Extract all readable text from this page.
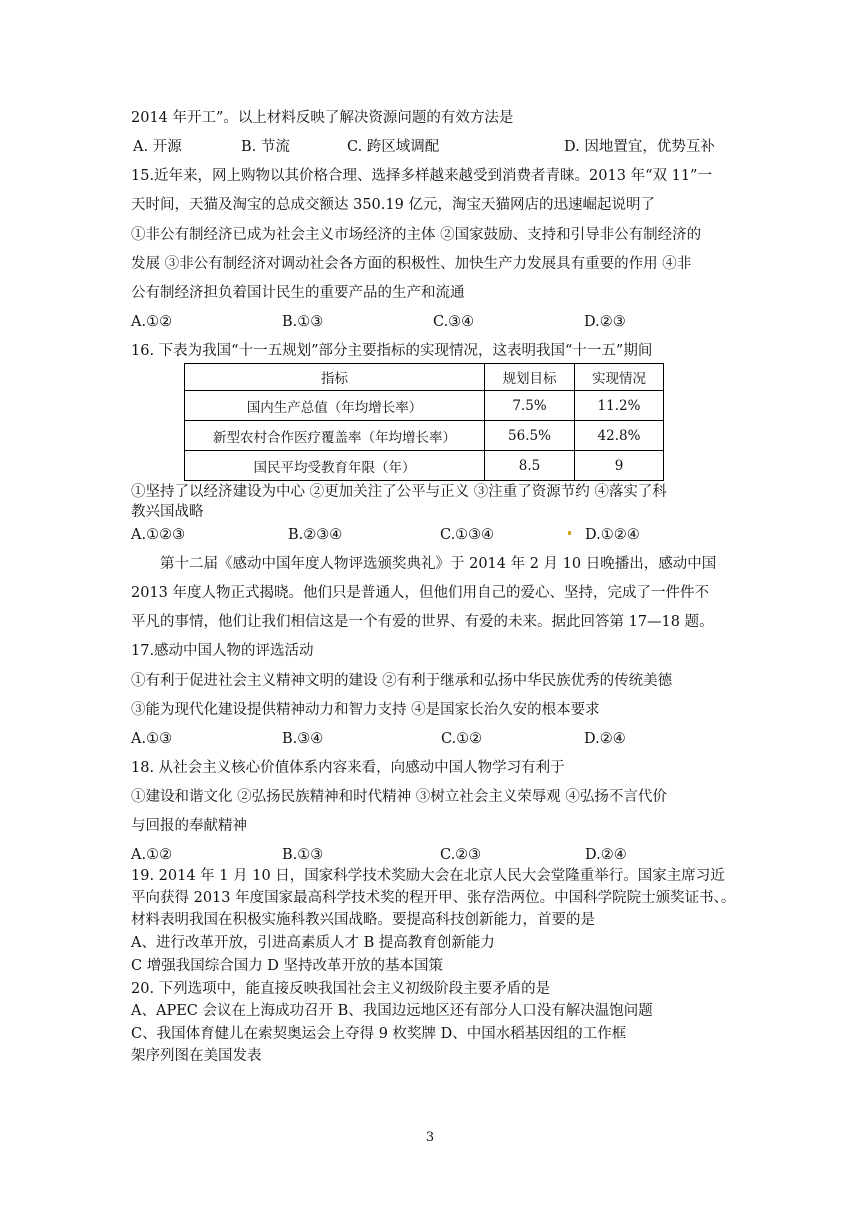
2014 年开工”。以上材料反映了解决资源问题的有效方法是
A. 开源	B. 节流	C. 跨区域调配	D. 因地置宜，优势互补
15.近年来，网上购物以其价格合理、选择多样越来越受到消费者青睐。2013 年“双 11”一
天时间，天猫及淘宝的总成交额达 350.19 亿元，淘宝天猫网店的迅速崛起说明了
①非公有制经济已成为社会主义市场经济的主体 ②国家鼓励、支持和引导非公有制经济的
发展 ③非公有制经济对调动社会各方面的积极性、加快生产力发展具有重要的作用 ④非
公有制经济担负着国计民生的重要产品的生产和流通
A.①②	B.①③	C.③④	D.②③
16. 下表为我国“十一五规划”部分主要指标的实现情况，这表明我国“十一五”期间
指标	规划目标	实现情况
国内生产总值（年均增长率）	7.5%	11.2%
新型农村合作医疗覆盖率（年均增长率）	56.5%	42.8%
国民平均受教育年限（年）	8.5	9
①坚持了以经济建设为中心 ②更加关注了公平与正义 ③注重了资源节约 ④落实了科
教兴国战略
A.①②③	B.②③④	C.①③④	D.①②④
第十二届《感动中国年度人物评选颁奖典礼》于 2014 年 2 月 10 日晚播出，感动中国
2013 年度人物正式揭晓。他们只是普通人，但他们用自己的爱心、坚持，完成了一件件不
平凡的事情，他们让我们相信这是一个有爱的世界、有爱的未来。据此回答第 17—18 题。
17.感动中国人物的评选活动
①有利于促进社会主义精神文明的建设 ②有利于继承和弘扬中华民族优秀的传统美德
③能为现代化建设提供精神动力和智力支持 ④是国家长治久安的根本要求
A.①③	B.③④	C.①②	D.②④
18. 从社会主义核心价值体系内容来看，向感动中国人物学习有利于
①建设和谐文化 ②弘扬民族精神和时代精神 ③树立社会主义荣辱观 ④弘扬不言代价
与回报的奉献精神
A.①②	B.①③	C.②③	D.②④
19. 2014 年 1 月 10 日，国家科学技术奖励大会在北京人民大会堂隆重举行。国家主席习近
平向获得 2013 年度国家最高科学技术奖的程开甲、张存浩两位。中国科学院院士颁奖证书、。
材料表明我国在积极实施科教兴国战略。要提高科技创新能力，首要的是
A、进行改革开放，引进高素质人才 B 提高教育创新能力
C 增强我国综合国力 D 坚持改革开放的基本国策
20. 下列选项中，能直接反映我国社会主义初级阶段主要矛盾的是
A、APEC 会议在上海成功召开 B、我国边远地区还有部分人口没有解决温饱问题
C、我国体育健儿在索契奥运会上夺得 9 枚奖牌 D、中国水稻基因组的工作框
架序列图在美国发表
3
